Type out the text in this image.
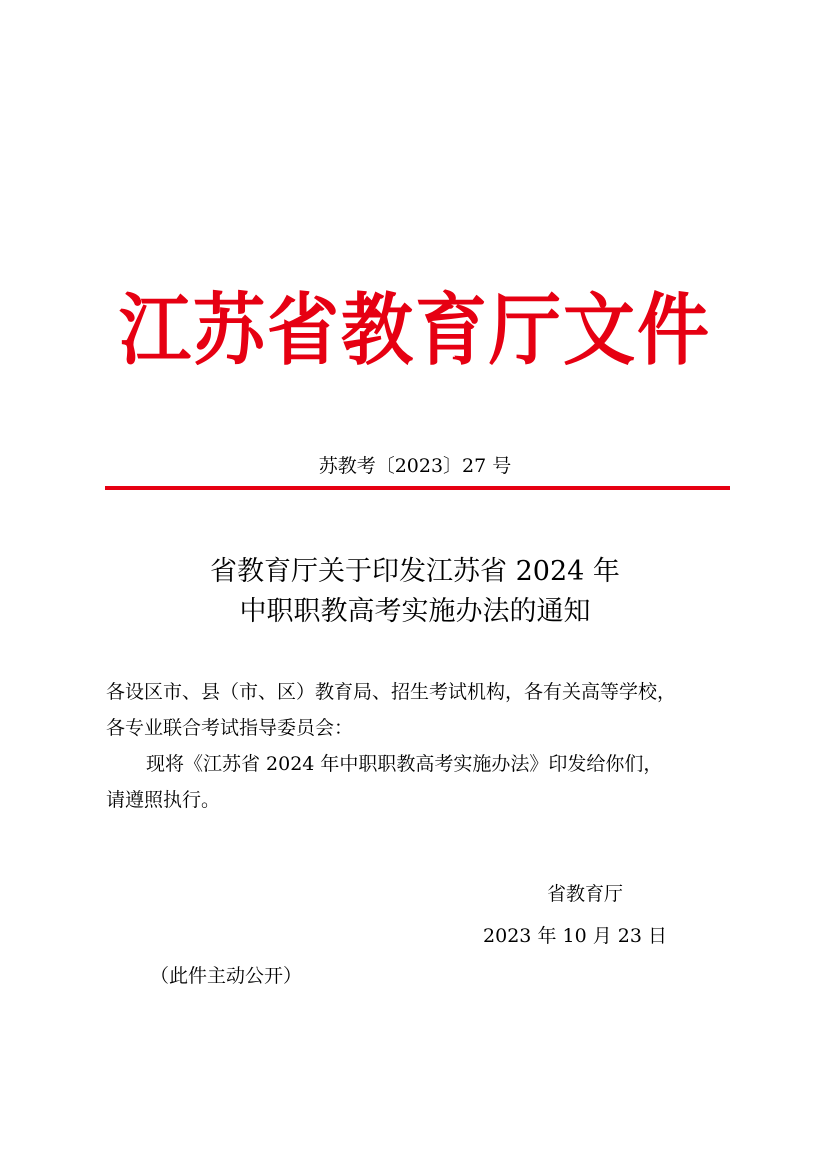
江苏省教育厅文件
苏教考〔2023〕27 号
省教育厅关于印发江苏省 2024 年
中职职教高考实施办法的通知

各设区市、县（市、区）教育局、招生考试机构，各有关高等学校，

各专业联合考试指导委员会：

现将《江苏省 2024 年中职职教高考实施办法》印发给你们，

请遵照执行。

省教育厅
2023 年 10 月 23 日
（此件主动公开）
